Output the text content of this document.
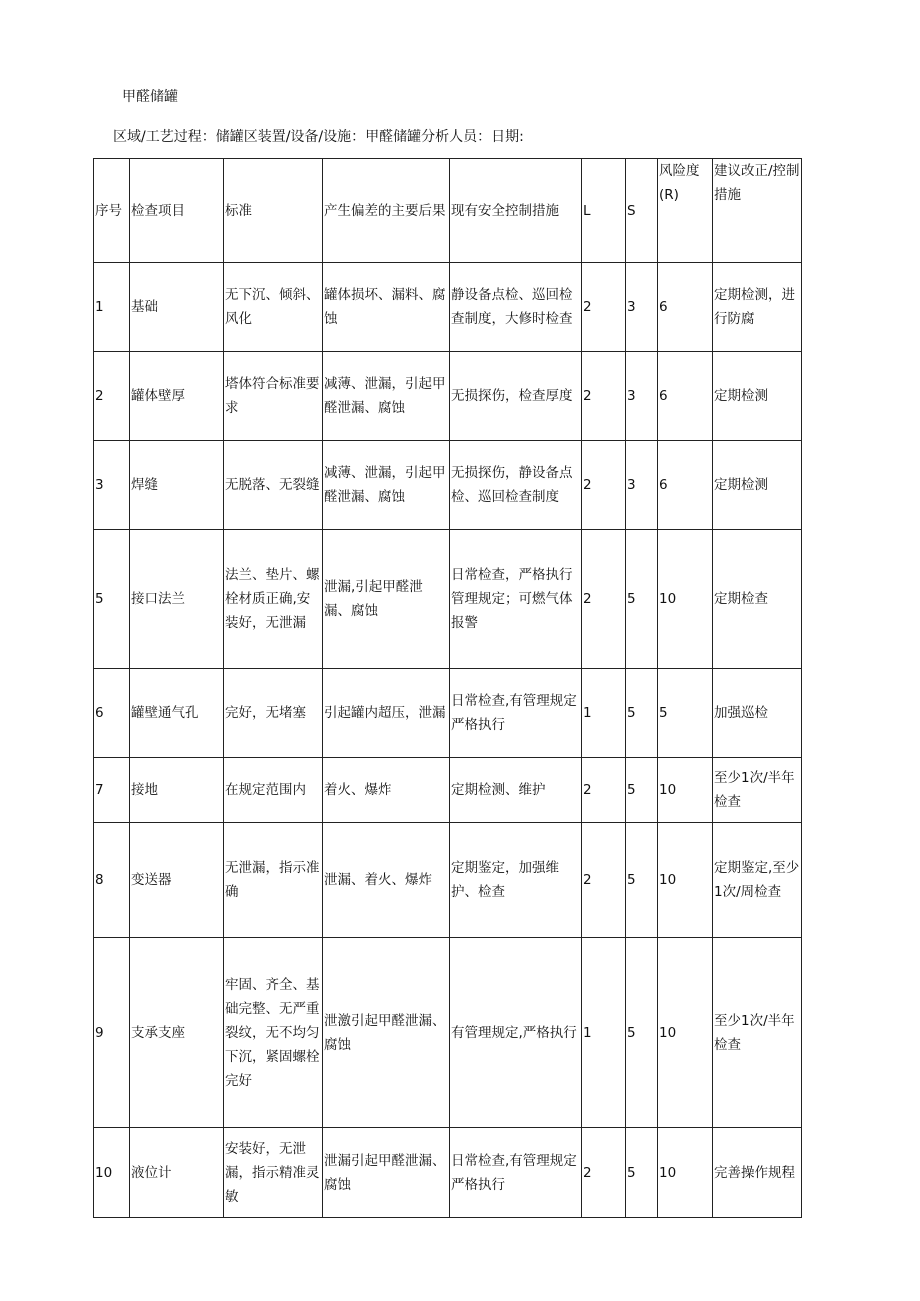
甲醛储罐
区域/工艺过程：储罐区装置/设备/设施：甲醛储罐分析人员：日期:
序号	检查项目	标准	产生偏差的主要后果	现有安全控制措施	L	S	风险度(R)	建议改正/控制措施
1	基础	无下沉、倾斜、风化	罐体损坏、漏料、腐蚀	静设备点检、巡回检查制度，大修时检查	2	3	6	定期检测，进行防腐
2	罐体壁厚	塔体符合标准要求	减薄、泄漏，引起甲醛泄漏、腐蚀	无损探伤，检查厚度	2	3	6	定期检测
3	焊缝	无脱落、无裂缝	减薄、泄漏，引起甲醛泄漏、腐蚀	无损探伤，静设备点检、巡回检查制度	2	3	6	定期检测
5	接口法兰	法兰、垫片、螺栓材质正确,安装好，无泄漏	泄漏,引起甲醛泄漏、腐蚀	日常检查，严格执行管理规定；可燃气体报警	2	5	10	定期检查
6	罐壁通气孔	完好，无堵塞	引起罐内超压，泄漏	日常检查,有管理规定严格执行	1	5	5	加强巡检
7	接地	在规定范围内	着火、爆炸	定期检测、维护	2	5	10	至少1次/半年检查
8	变送器	无泄漏，指示准确	泄漏、着火、爆炸	定期鉴定，加强维护、检查	2	5	10	定期鉴定,至少1次/周检查
9	支承支座	牢固、齐全、基础完整、无严重裂纹，无不均匀下沉，紧固螺栓完好	泄激引起甲醛泄漏、腐蚀	有管理规定,严格执行	1	5	10	至少1次/半年检查
10	液位计	安装好，无泄漏，指示精准灵敏	泄漏引起甲醛泄漏、腐蚀	日常检查,有管理规定严格执行	2	5	10	完善操作规程
